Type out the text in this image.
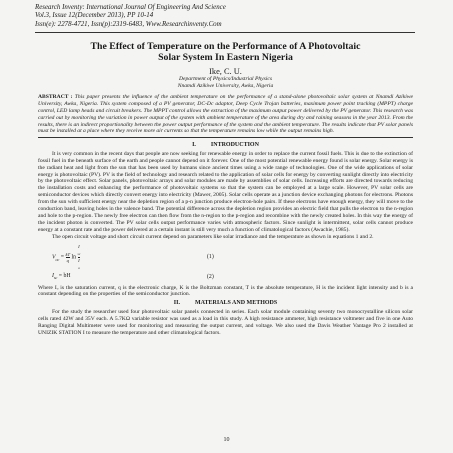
Research Inventy: International Journal Of Engineering And Science
Vol.3, Issue 12(December 2013), PP 10-14
Issn(e): 2278-4721, Issn(p):2319-6483, Www.Researchinventy.Com
The Effect of Temperature on the Performance of A Photovoltaic
Solar System In Eastern Nigeria
Ike, C. U.
Department of Physics/Industrial Physics
Nnamdi Azikiwe University, Awka, Nigeria
ABSTRACT : This paper presents the influence of the ambient temperature on the performance of a stand-alone photovoltaic solar system at Nnamdi Azikiwe University, Awka, Nigeria. This system composed of a PV generator, DC-Dc adaptor, Deep Cycle Trojan batteries, maximum power point tracking (MPPT) charge control, LED lamp heads and circuit breakers. The MPPT control allows the extraction of the maximum output power delivered by the PV generator. This research was carried out by monitoring the variation in power output of the system with ambient temperature of the area during dry and raining seasons in the year 2013. From the results, there is an indirect proportionality between the power output performance of the system and the ambient temperature. The results indicate that PV solar panels must be installed at a place where they receive more air currents so that the temperature remains low while the output remains high.
I.          INTRODUCTION

It is very common in the recent days that people are now seeking for renewable energy in order to replace the current fossil fuels. This is due to the extinction of fossil fuel in the beneath surface of the earth and people cannot depend on it forever. One of the most potential renewable energy found is solar energy. Solar energy is the radiant heat and light from the sun that has been used by humans since ancient times using a wide range of technologies. One of the wide applications of solar energy is photovoltaic (PV). PV is the field of technology and research related to the application of solar cells for energy by converting sunlight directly into electricity by the photovoltaic effect. Solar panels, photovoltaic arrays and solar modules are made by assemblies of solar cells. Increasing efforts are directed towards reducing the installation costs and enhancing the performance of photovoltaic systems so that the system can be employed at a large scale. However, PV solar cells are semiconductor devices which directly convert energy into electricity (Mawer, 2005). Solar cells operate as a junction device exchanging photons for electrons. Photons from the sun with sufficient energy near the depletion region of a p-n junction produce electron-hole pairs. If these electrons have enough energy, they will move to the conduction band, leaving holes in the valence band. The potential difference across the depletion region provides an electric field that pulls the electron to the n-region and hole to the p-region. The newly free electron can then flow from the n-region to the p-region and recombine with the newly created holes. In this way the energy of the incident photon is converted. The PV solar cells output performance varies with atmospheric factors. Since sunlight is intermittent, solar cells cannot produce energy at a constant rate and the power delivered at a certain instant is still very much a function of climatological factors (Awachie, 1985).

The open circuit voltage and short circuit current depend on parameters like solar irradiance and the temperature as shown in equations 1 and 2.

$V_{oc} = \frac{kT}{q}$ ln I
$_{sc}$
I
$_o$	(1)
$I_{sc}$ = bH	(2)

Where Iₒ is the saturation current, q is the electronic charge, K is the Boltzman constant, T is the absolute temperature, H is the incident light intensity and b is a constant depending on the properties of the semiconductor junction.

II.          MATERIALS AND METHODS

For the study the researcher used four photovoltaic solar panels connected in series. Each solar module containing seventy two monocrystalline silicon solar cells rated 42W and 35V each. A 5.7KΩ variable resistor was used as a load in this study. A high resistance ammeter, high resistance voltmeter and five in one Auto Ranging Digital Multimeter were used for monitoring and measuring the output current, and voltage. We also used the Davis Weather Vantage Pro 2 installed at UNIZIK STATION I to measure the temperature and other climatological factors.

10
